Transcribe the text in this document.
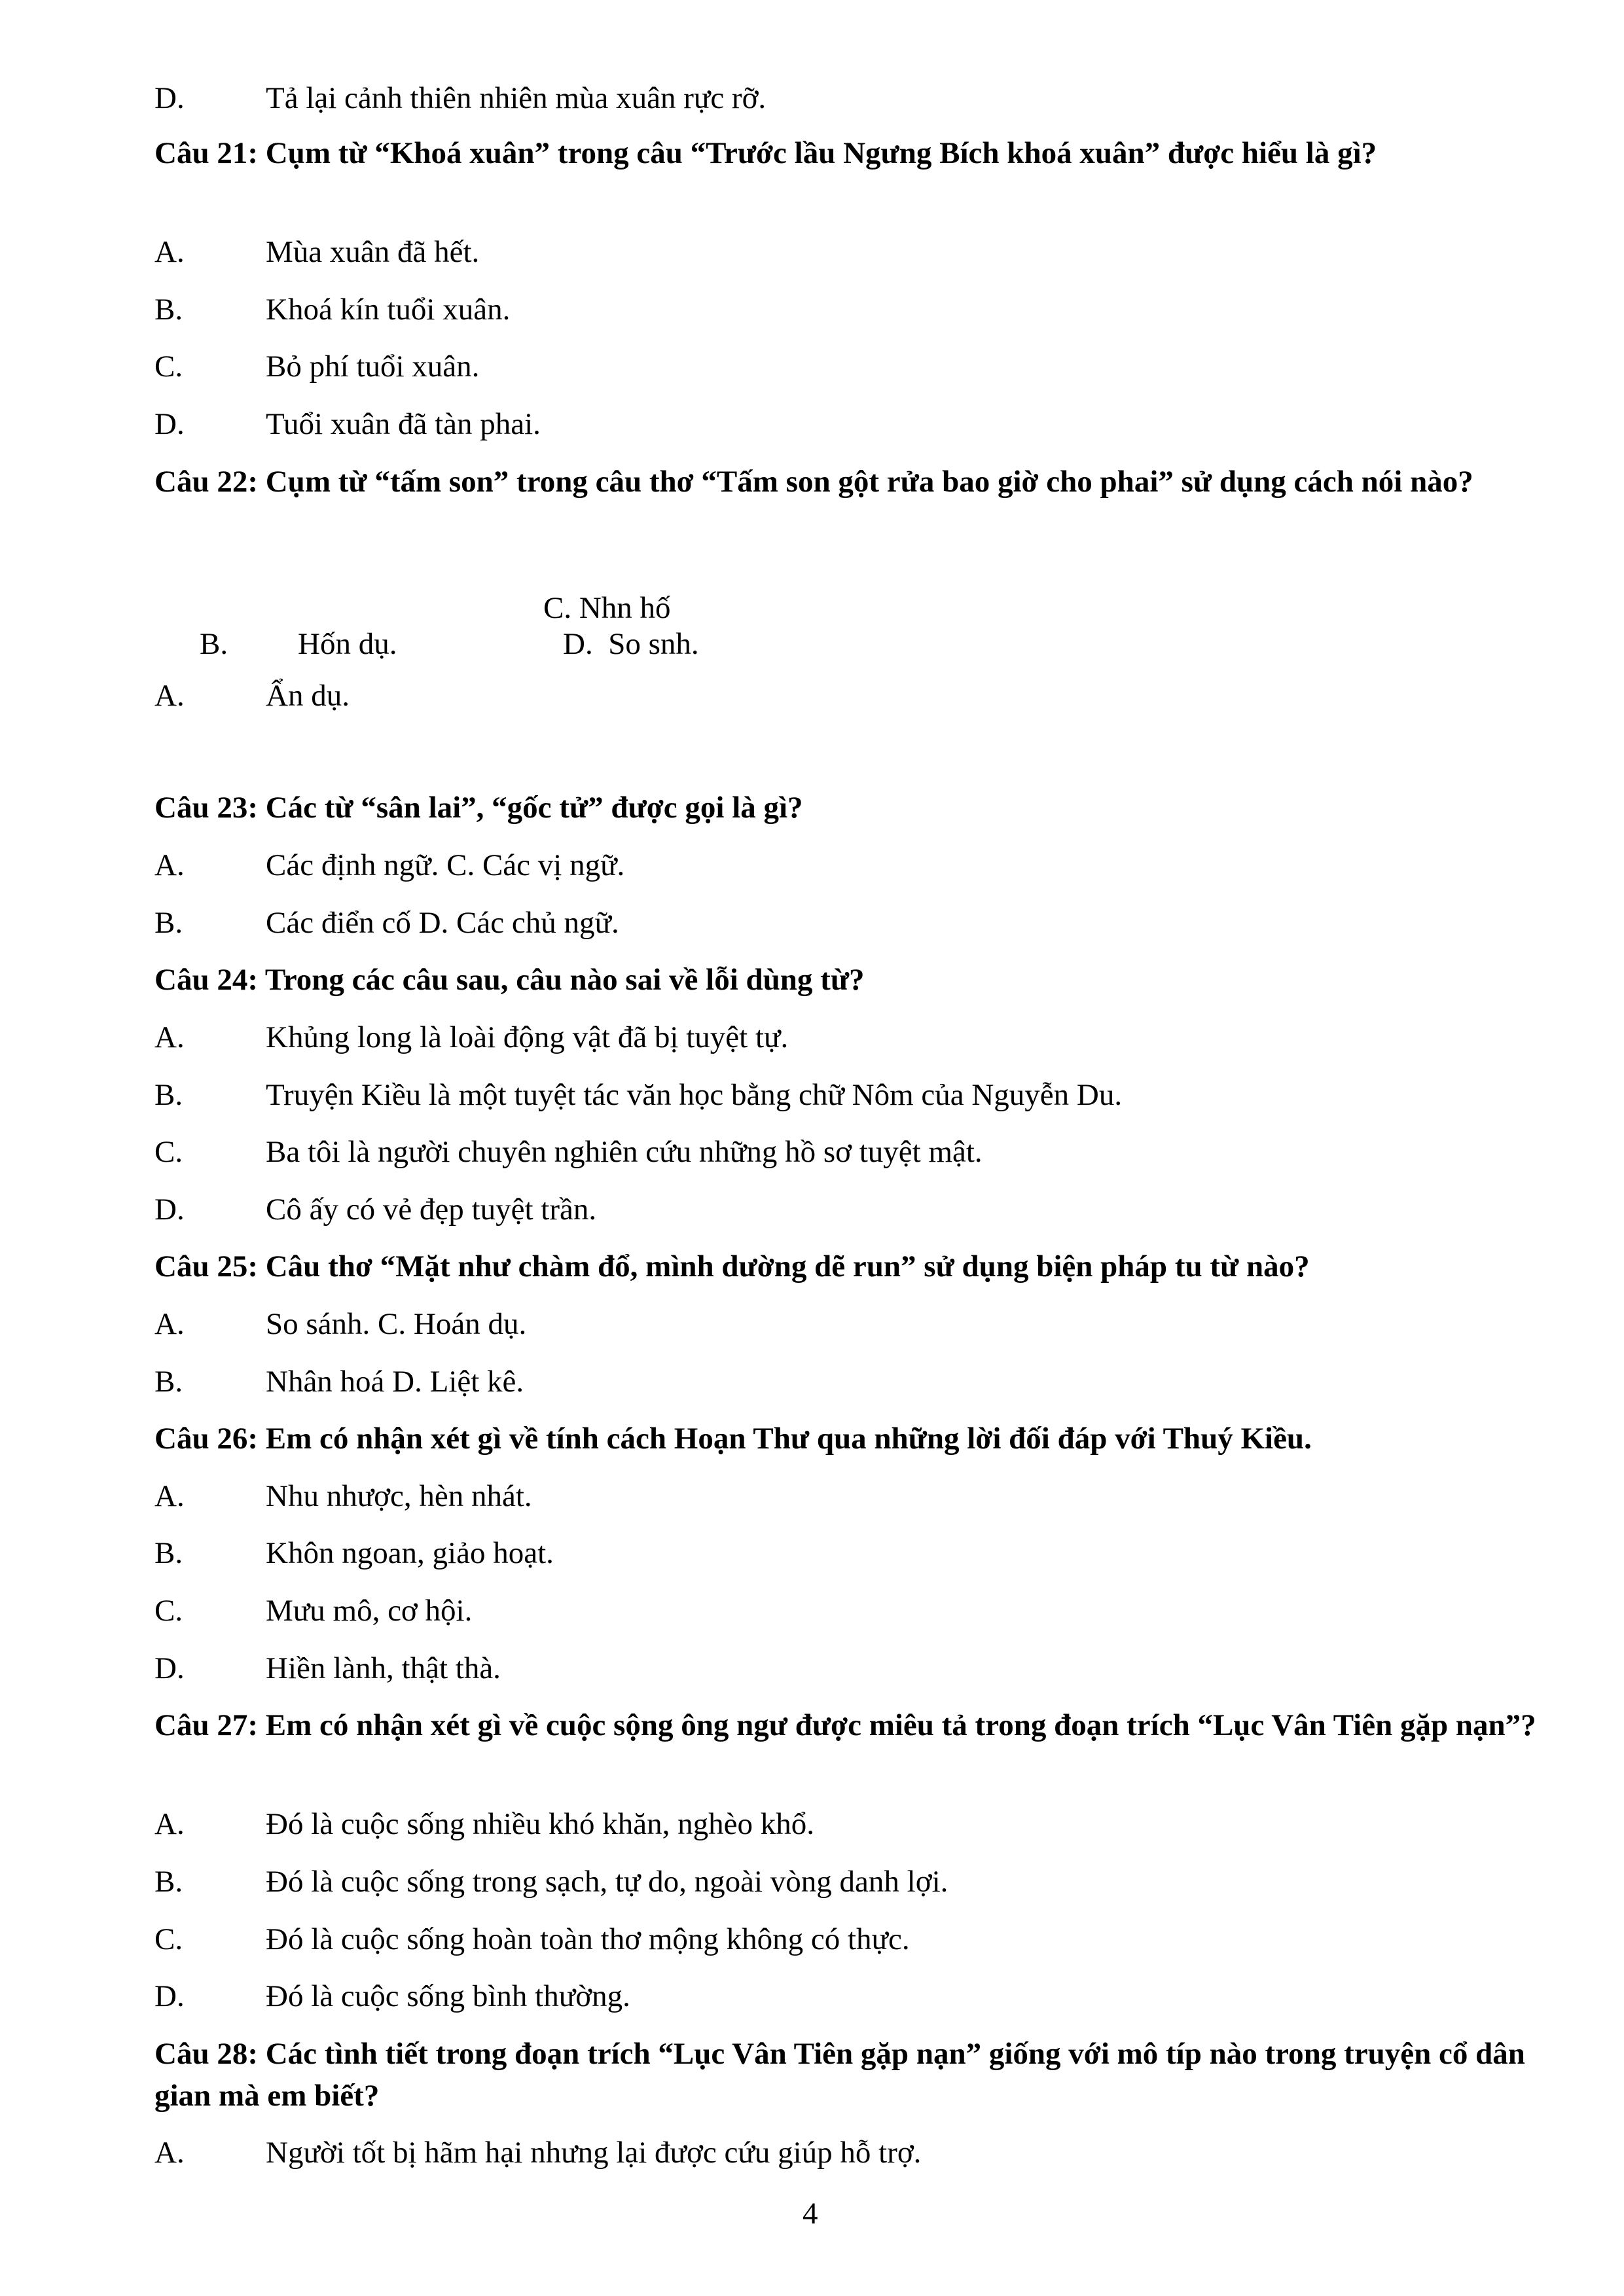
D.	Tả lại cảnh thiên nhiên mùa xuân rực rỡ.
Câu 21: Cụm từ “Khoá xuân” trong câu “Trước lầu Ngưng Bích khoá xuân” được hiểu là gì?
A.	Mùa xuân đã hết.
B.	Khoá kín tuổi xuân.
C.	Bỏ phí tuổi xuân.
D.	Tuổi xuân đã tàn phai.
Câu 22: Cụm từ “tấm son” trong câu thơ “Tấm son gột rửa bao giờ cho phai” sử dụng cách nói nào?
C. Nhn hố
B. Hốn dụ.	D. So snh.
A.	Ẩn dụ.
Câu 23: Các từ “sân lai”, “gốc tử” được gọi là gì?
A.	Các định ngữ. C. Các vị ngữ.
B.	Các điển cố D. Các chủ ngữ.
Câu 24: Trong các câu sau, câu nào sai về lỗi dùng từ?
A.	Khủng long là loài động vật đã bị tuyệt tự.
B.	Truyện Kiều là một tuyệt tác văn học bằng chữ Nôm của Nguyễn Du.
C.	Ba tôi là người chuyên nghiên cứu những hồ sơ tuyệt mật.
D.	Cô ấy có vẻ đẹp tuyệt trần.
Câu 25: Câu thơ “Mặt như chàm đổ, mình dường dẽ run” sử dụng biện pháp tu từ nào?
A.	So sánh. C. Hoán dụ.
B.	Nhân hoá D. Liệt kê.
Câu 26: Em có nhận xét gì về tính cách Hoạn Thư qua những lời đối đáp với Thuý Kiều.
A.	Nhu nhược, hèn nhát.
B.	Khôn ngoan, giảo hoạt.
C.	Mưu mô, cơ hội.
D.	Hiền lành, thật thà.
Câu 27: Em có nhận xét gì về cuộc sộng ông ngư được miêu tả trong đoạn trích “Lục Vân Tiên gặp nạn”?
A.	Đó là cuộc sống nhiều khó khăn, nghèo khổ.
B.	Đó là cuộc sống trong sạch, tự do, ngoài vòng danh lợi.
C.	Đó là cuộc sống hoàn toàn thơ mộng không có thực.
D.	Đó là cuộc sống bình thường.
Câu 28: Các tình tiết trong đoạn trích “Lục Vân Tiên gặp nạn” giống với mô típ nào trong truyện cổ dân gian mà em biết?
A.	Người tốt bị hãm hại nhưng lại được cứu giúp hỗ trợ.
4
